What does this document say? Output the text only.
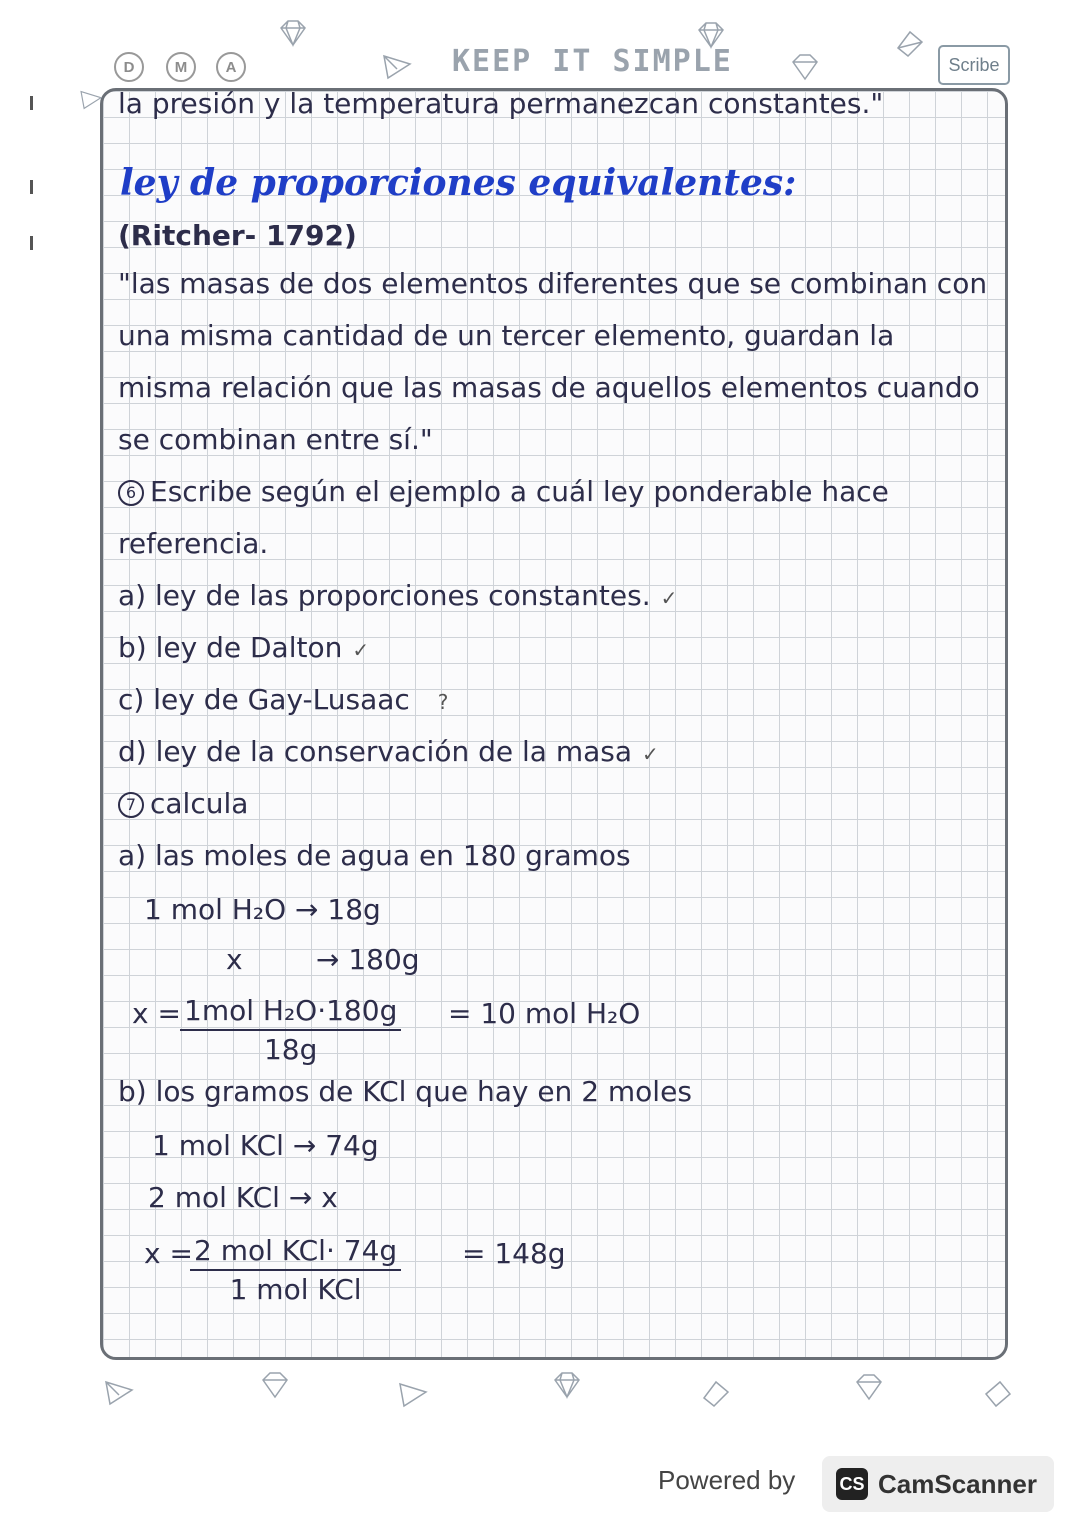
D	M	A	KEEP IT SIMPLE	Scribe
la presión y la temperatura permanezcan constantes."
ley de proporciones equivalentes:
(Ritcher- 1792)
"las masas de dos elementos diferentes que se combinan con
una misma cantidad de un tercer elemento, guardan la
misma relación que las masas de aquellos elementos cuando
se combinan entre sí."
6 Escribe según el ejemplo a cuál ley ponderable hace
referencia.
a) ley de las proporciones constantes. ✓
b) ley de Dalton ✓
c) ley de Gay-Lusaac ?
d) ley de la conservación de la masa ✓
7 calcula
a) las moles de agua en 180 gramos
1 mol H₂O → 18g
x	→ 180g
x = 1mol H₂O·180g
18g
= 10 mol H₂O
b) los gramos de KCl que hay en 2 moles
1 mol KCl → 74g
2 mol KCl → x
x = 2 mol KCl· 74g
1 mol KCl
= 148g
Powered by CS CamScanner
